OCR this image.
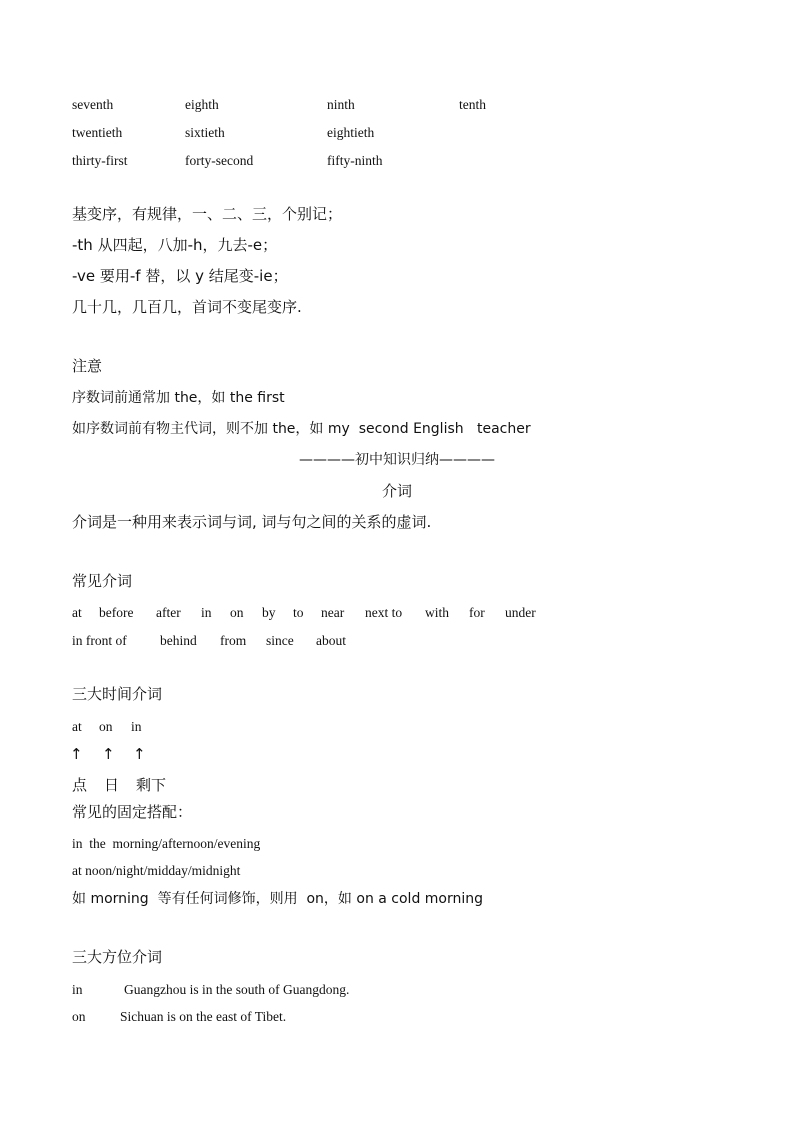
seventh	eighth	ninth	tenth
twentieth	sixtieth	eightieth
thirty-first	forty-second	fifty-ninth
基变序，有规律，一、二、三，个别记；
-th 从四起，八加-h，九去-e；
-ve 要用-f 替，以 y 结尾变-ie；
几十几，几百几，首词不变尾变序.
注意
序数词前通常加 the，如 the first
如序数词前有物主代词，则不加 the，如 my  second English   teacher
————初中知识归纳————
介词
介词是一种用来表示词与词, 词与句之间的关系的虚词.
常见介词
at before after in on by to near next to with for under
in front of behind from since about
三大时间介词
at on in
↑ ↑ ↑
点 日 剩下
常见的固定搭配：
in  the  morning/afternoon/evening
at noon/night/midday/midnight
如 morning  等有任何词修饰，则用  on，如 on a cold morning
三大方位介词
in	Guangzhou is in the south of Guangdong.
on	Sichuan is on the east of Tibet.
